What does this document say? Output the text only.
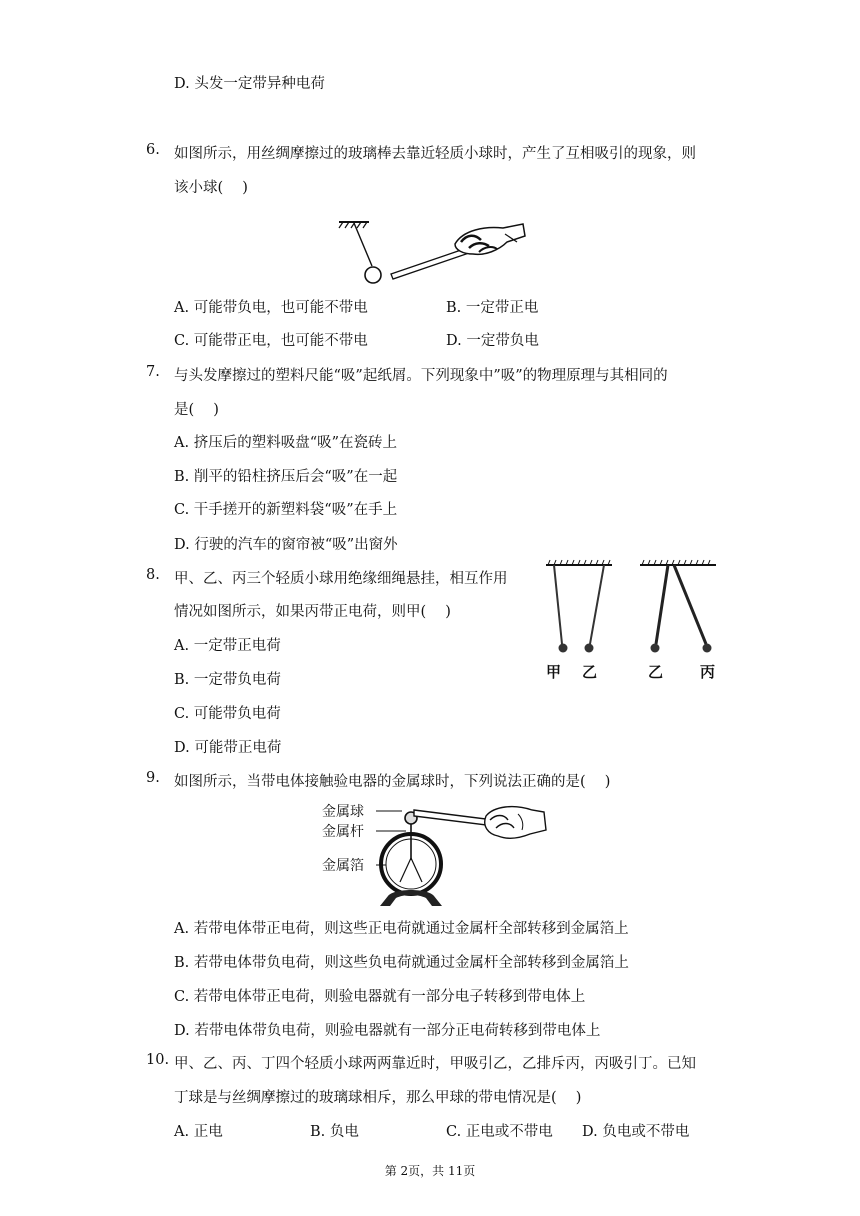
D. 头发一定带异种电荷
6. 如图所示，用丝绸摩擦过的玻璃棒去靠近轻质小球时，产生了互相吸引的现象，则
该小球(　 )
A. 可能带负电，也可能不带电	B. 一定带正电
C. 可能带正电，也可能不带电	D. 一定带负电
7. 与头发摩擦过的塑料尺能“吸”起纸屑。下列现象中”吸”的物理原理与其相同的
是(　 )
A. 挤压后的塑料吸盘“吸”在瓷砖上
B. 削平的铅柱挤压后会“吸”在一起
C. 干手搓开的新塑料袋“吸”在手上
D. 行驶的汽车的窗帘被“吸”出窗外
8. 甲、乙、丙三个轻质小球用绝缘细绳悬挂，相互作用
情况如图所示，如果丙带正电荷，则甲(　 )
A. 一定带正电荷
B. 一定带负电荷
C. 可能带负电荷
D. 可能带正电荷
甲 乙	乙 丙
9. 如图所示，当带电体接触验电器的金属球时，下列说法正确的是(　 )
金属球
金属杆
金属箔
A. 若带电体带正电荷，则这些正电荷就通过金属杆全部转移到金属箔上
B. 若带电体带负电荷，则这些负电荷就通过金属杆全部转移到金属箔上
C. 若带电体带正电荷，则验电器就有一部分电子转移到带电体上
D. 若带电体带负电荷，则验电器就有一部分正电荷转移到带电体上
10. 甲、乙、丙、丁四个轻质小球两两靠近时，甲吸引乙，乙排斥丙，丙吸引丁。已知
丁球是与丝绸摩擦过的玻璃球相斥，那么甲球的带电情况是(　 )
A. 正电	B. 负电	C. 正电或不带电 D. 负电或不带电
第 2页，共 11页
